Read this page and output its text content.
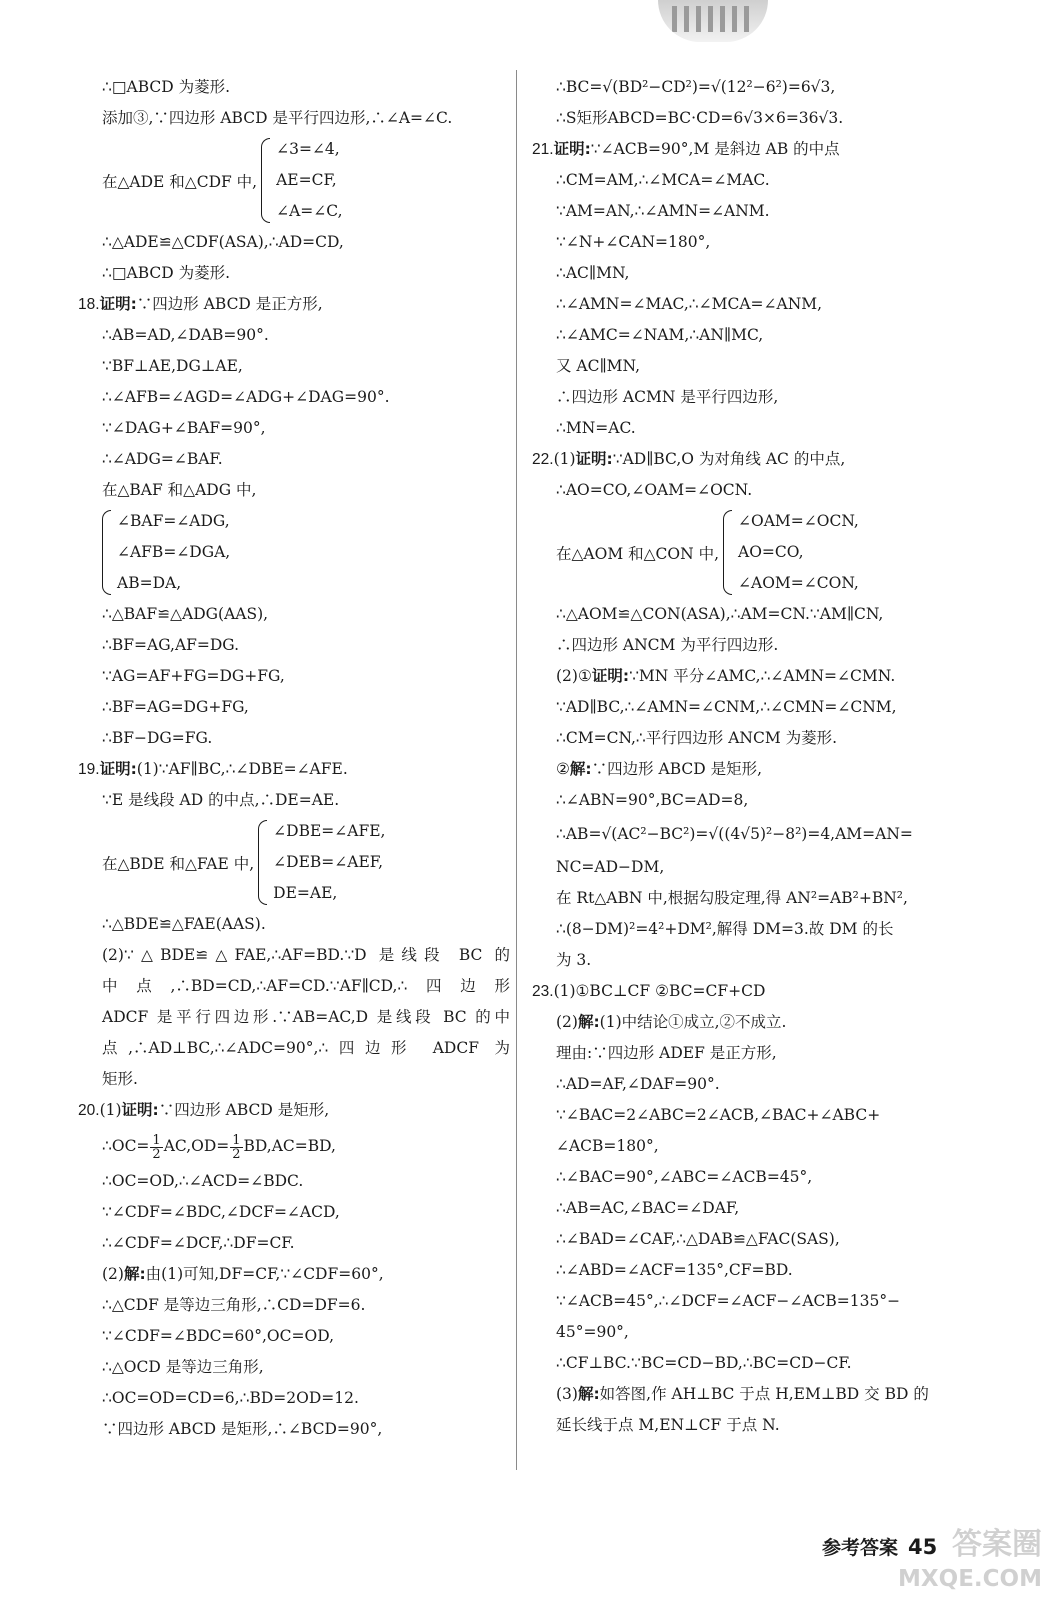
∴□ABCD 为菱形.
添加③,∵四边形 ABCD 是平行四边形,∴∠A=∠C.
在△ADE 和△CDF 中,
∠3=∠4,
AE=CF,
∠A=∠C,
∴△ADE≌△CDF(ASA),∴AD=CD,
∴□ABCD 为菱形.
18.证明:∵四边形 ABCD 是正方形,
∴AB=AD,∠DAB=90°.
∵BF⊥AE,DG⊥AE,
∴∠AFB=∠AGD=∠ADG+∠DAG=90°.
∵∠DAG+∠BAF=90°,
∴∠ADG=∠BAF.
在△BAF 和△ADG 中,
∠BAF=∠ADG,
∠AFB=∠DGA,
AB=DA,
∴△BAF≌△ADG(AAS),
∴BF=AG,AF=DG.
∵AG=AF+FG=DG+FG,
∴BF=AG=DG+FG,
∴BF−DG=FG.
19.证明:(1)∵AF∥BC,∴∠DBE=∠AFE.
∵E 是线段 AD 的中点,∴DE=AE.
在△BDE 和△FAE 中,
∠DBE=∠AFE,
∠DEB=∠AEF,
DE=AE,
∴△BDE≌△FAE(AAS).
(2)∵△BDE≌△FAE,∴AF=BD.∵D 是线段 BC 的
中点,∴BD=CD,∴AF=CD.∵AF∥CD,∴四边形
ADCF 是平行四边形.∵AB=AC,D 是线段 BC 的中
点,∴AD⊥BC,∴∠ADC=90°,∴四边形 ADCF 为
矩形.
20.(1)证明:∵四边形 ABCD 是矩形,
∴OC= $\frac{1}{2} AC,OD= \frac{1}{2} BD,AC=BD$,
∴OC=OD,∴∠ACD=∠BDC.
∵∠CDF=∠BDC,∠DCF=∠ACD,
∴∠CDF=∠DCF,∴DF=CF.
(2)解:由(1)可知,DF=CF,∵∠CDF=60°,
∴△CDF 是等边三角形,∴CD=DF=6.
∵∠CDF=∠BDC=60°,OC=OD,
∴△OCD 是等边三角形,
∴OC=OD=CD=6,∴BD=2OD=12.
∵四边形 ABCD 是矩形,∴∠BCD=90°,
∴BC=√(BD²−CD²)=√(12²−6²)=6√3,
∴S矩形ABCD=BC·CD=6√3×6=36√3.
21.证明:∵∠ACB=90°,M 是斜边 AB 的中点
∴CM=AM,∴∠MCA=∠MAC.
∵AM=AN,∴∠AMN=∠ANM.
∵∠N+∠CAN=180°,
∴AC∥MN,
∴∠AMN=∠MAC,∴∠MCA=∠ANM,
∴∠AMC=∠NAM,∴AN∥MC,
又 AC∥MN,
∴四边形 ACMN 是平行四边形,
∴MN=AC.
22.(1)证明:∵AD∥BC,O 为对角线 AC 的中点,
∴AO=CO,∠OAM=∠OCN.
在△AOM 和△CON 中,
∠OAM=∠OCN,
AO=CO,
∠AOM=∠CON,
∴△AOM≌△CON(ASA),∴AM=CN.∵AM∥CN,
∴四边形 ANCM 为平行四边形.
(2)①证明:∵MN 平分∠AMC,∴∠AMN=∠CMN.
∵AD∥BC,∴∠AMN=∠CNM,∴∠CMN=∠CNM,
∴CM=CN,∴平行四边形 ANCM 为菱形.
②解:∵四边形 ABCD 是矩形,
∴∠ABN=90°,BC=AD=8,
∴AB=√(AC²−BC²)=√((4√5)²−8²)=4,AM=AN=
NC=AD−DM,
在 Rt△ABN 中,根据勾股定理,得 AN²=AB²+BN²,
∴(8−DM)²=4²+DM²,解得 DM=3.故 DM 的长
为 3.
23.(1)①BC⊥CF ②BC=CF+CD
(2)解:(1)中结论①成立,②不成立.
理由:∵四边形 ADEF 是正方形,
∴AD=AF,∠DAF=90°.
∵∠BAC=2∠ABC=2∠ACB,∠BAC+∠ABC+
∠ACB=180°,
∴∠BAC=90°,∠ABC=∠ACB=45°,
∴AB=AC,∠BAC=∠DAF,
∴∠BAD=∠CAF,∴△DAB≌△FAC(SAS),
∴∠ABD=∠ACF=135°,CF=BD.
∵∠ACB=45°,∴∠DCF=∠ACF−∠ACB=135°−
45°=90°,
∴CF⊥BC.∵BC=CD−BD,∴BC=CD−CF.
(3)解:如答图,作 AH⊥BC 于点 H,EM⊥BD 交 BD 的
延长线于点 M,EN⊥CF 于点 N.
参考答案 45 答案圈
MXQE.COM
